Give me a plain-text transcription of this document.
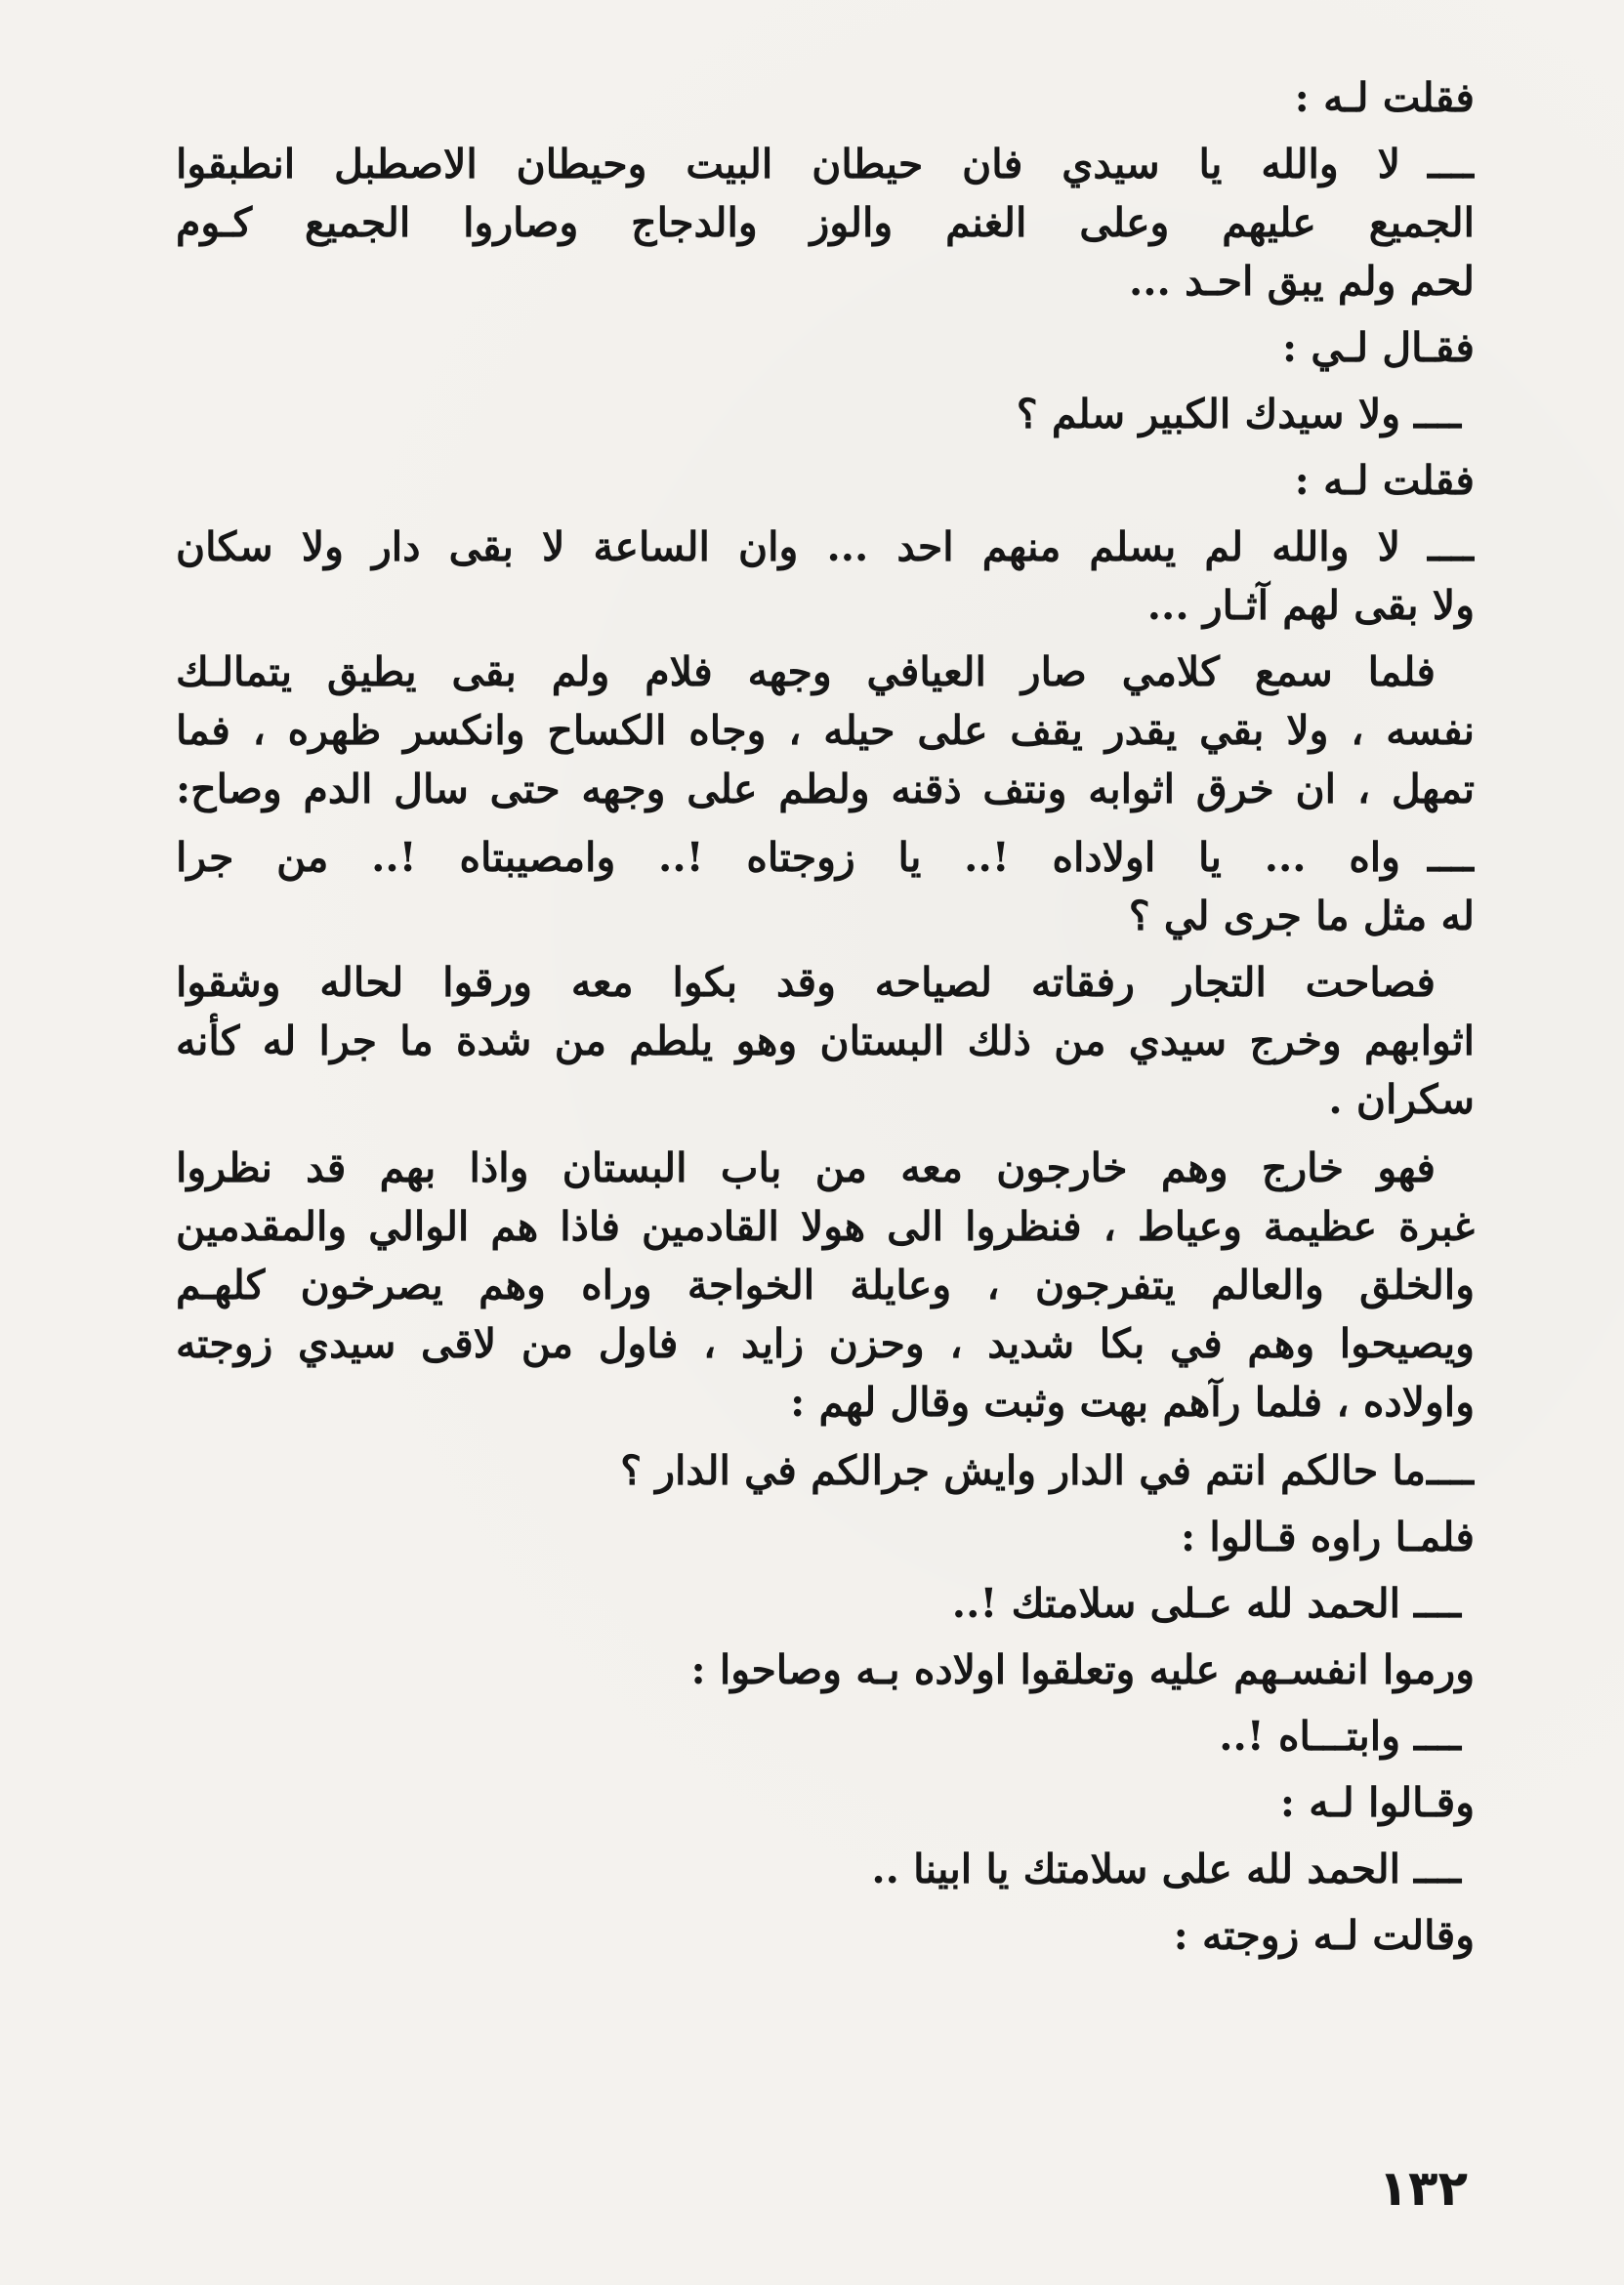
فقلت لـه :
ــــلا والله يا سيدي فان حيطان البيت وحيطان الاصطبل انطبقوا
الجميع عليهم وعلى الغنم والوز والدجاج وصاروا الجميع كـوم
لحم ولم يبق احـد ...
فقـال لـي :
ــــولا سيدك الكبير سلم ؟
فقلت لـه :
ــــلا والله لم يسلم منهم احد ... وان الساعة لا بقى دار ولا سكان
ولا بقى لهم آثـار ...
فلما سمع كلامي صار العيافي وجهه فلام ولم بقى يطيق يتمالـك
نفسه ، ولا بقي يقدر يقف على حيله ، وجاه الكساح وانكسر ظهره ، فما
تمهل ، ان خرق اثوابه ونتف ذقنه ولطم على وجهه حتى سال الدم وصاح:
ــــواه ... يا اولاداه !.. يا زوجتاه !.. وامصيبتاه !.. من جرا
له مثل ما جرى لي ؟
فصاحت التجار رفقاته لصياحه وقد بكوا معه ورقوا لحاله وشقوا
اثوابهم وخرج سيدي من ذلك البستان وهو يلطم من شدة ما جرا له كأنه
سكران .
فهو خارج وهم خارجون معه من باب البستان واذا بهم قد نظروا
غبرة عظيمة وعياط ، فنظروا الى هولا القادمين فاذا هم الوالي والمقدمين
والخلق والعالم يتفرجون ، وعايلة الخواجة وراه وهم يصرخون كلهـم
ويصيحوا وهم في بكا شديد ، وحزن زايد ، فاول من لاقى سيدي زوجته
واولاده ، فلما رآهم بهت وثبت وقال لهم :
ــــما حالكم انتم في الدار وايش جرالكم في الدار ؟
فلمـا راوه قـالوا :
ــــالحمد لله عـلى سلامتك !..
ورموا انفسـهم عليه وتعلقوا اولاده بـه وصاحوا :
ــــوابتـــاه !..
وقـالوا لـه :
ــــالحمد لله على سلامتك يا ابينا ..
وقالت لـه زوجته :
١٣٢
